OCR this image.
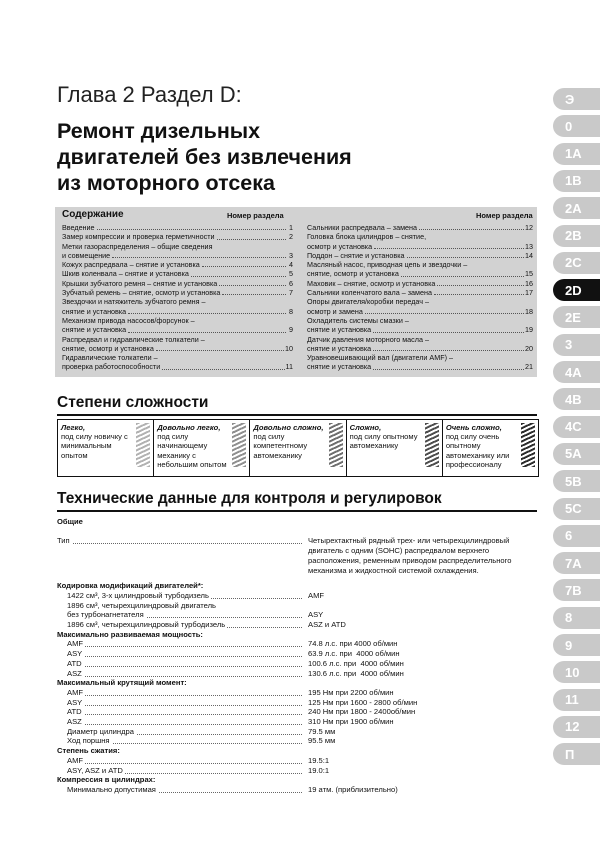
Глава 2 Раздел D:
Ремонт дизельных
двигателей без извлечения
из моторного отсека
Содержание	Номер раздела	Номер раздела
Введение	1
Замер компрессии и проверка герметичности	2
Метки газораспределения – общие сведения
и совмещение	3
Кожух распредвала – снятие и установка	4
Шкив коленвала – снятие и установка	5
Крышки зубчатого ремня – снятие и установка	6
Зубчатый ремень – снятие, осмотр и установка	7
Звездочки и натяжитель зубчатого ремня –
снятие и установка	8
Механизм привода насосов/форсунок –
снятие и установка	9
Распредвал и гидравлические толкатели –
снятие, осмотр и установка	10
Гидравлические толкатели –
проверка работоспособности	11
Сальники распредвала – замена	12
Головка блока цилиндров – снятие,
осмотр и установка	13
Поддон – снятие и установка	14
Масляный насос, приводная цепь и звездочки –
снятие, осмотр и установка	15
Маховик – снятие, осмотр и установка	16
Сальники коленчатого вала – замена	17
Опоры двигателя/коробки передач –
осмотр и замена	18
Охладитель системы смазки –
снятие и установка	19
Датчик давления моторного масла –
снятие и установка	20
Уравновешивающий вал (двигатели AMF) –
снятие и установка	21
Степени сложности
Легко,
под силу новичку с минимальным опытом
Довольно легко,
под силу начинающему механику с небольшим опытом
Довольно сложно,
под силу компетентному автомеханику
Сложно,
под силу опытному автомеханику
Очень сложно,
под силу очень опытному автомеханику или профессионалу
Технические данные для контроля и регулировок
Общие
Тип	Четырехтактный рядный трех- или четырехцилиндровый
двигатель с одним (SOHC) распредвалом верхнего
расположения, ременным приводом распределительного
механизма и жидкостной системой охлаждения.
Кодировка модификаций двигателей*:
1422 см³, 3-х цилиндровый турбодизель	AMF
1896 см³, четырехцилиндровый двигатель
без турбонагнетателя	ASY
1896 см³, четырехцилиндровый турбодизель	ASZ и ATD
Максимально развиваемая мощность:
AMF	74.8 л.с. при 4000 об/мин
ASY	63.9 л.с. при  4000 об/мин
ATD	100.6 л.с. при  4000 об/мин
ASZ	130.6 л.с. при  4000 об/мин
Максимальный крутящий момент:
AMF	195 Нм при 2200 об/мин
ASY	125 Нм при 1600 - 2800 об/мин
ATD	240 Нм при 1800 - 2400об/мин
ASZ	310 Нм при 1900 об/мин
Диаметр цилиндра	79.5 мм
Ход поршня	95.5 мм
Степень сжатия:
AMF	19.5:1
ASY, ASZ и ATD	19.0:1
Компрессия в цилиндрах:
Минимально допустимая	19 атм. (приблизительно)
Э
0
1A
1B
2A
2B
2C
2D
2E
3
4A
4B
4C
5A
5B
5C
6
7A
7B
8
9
10
11
12
П
